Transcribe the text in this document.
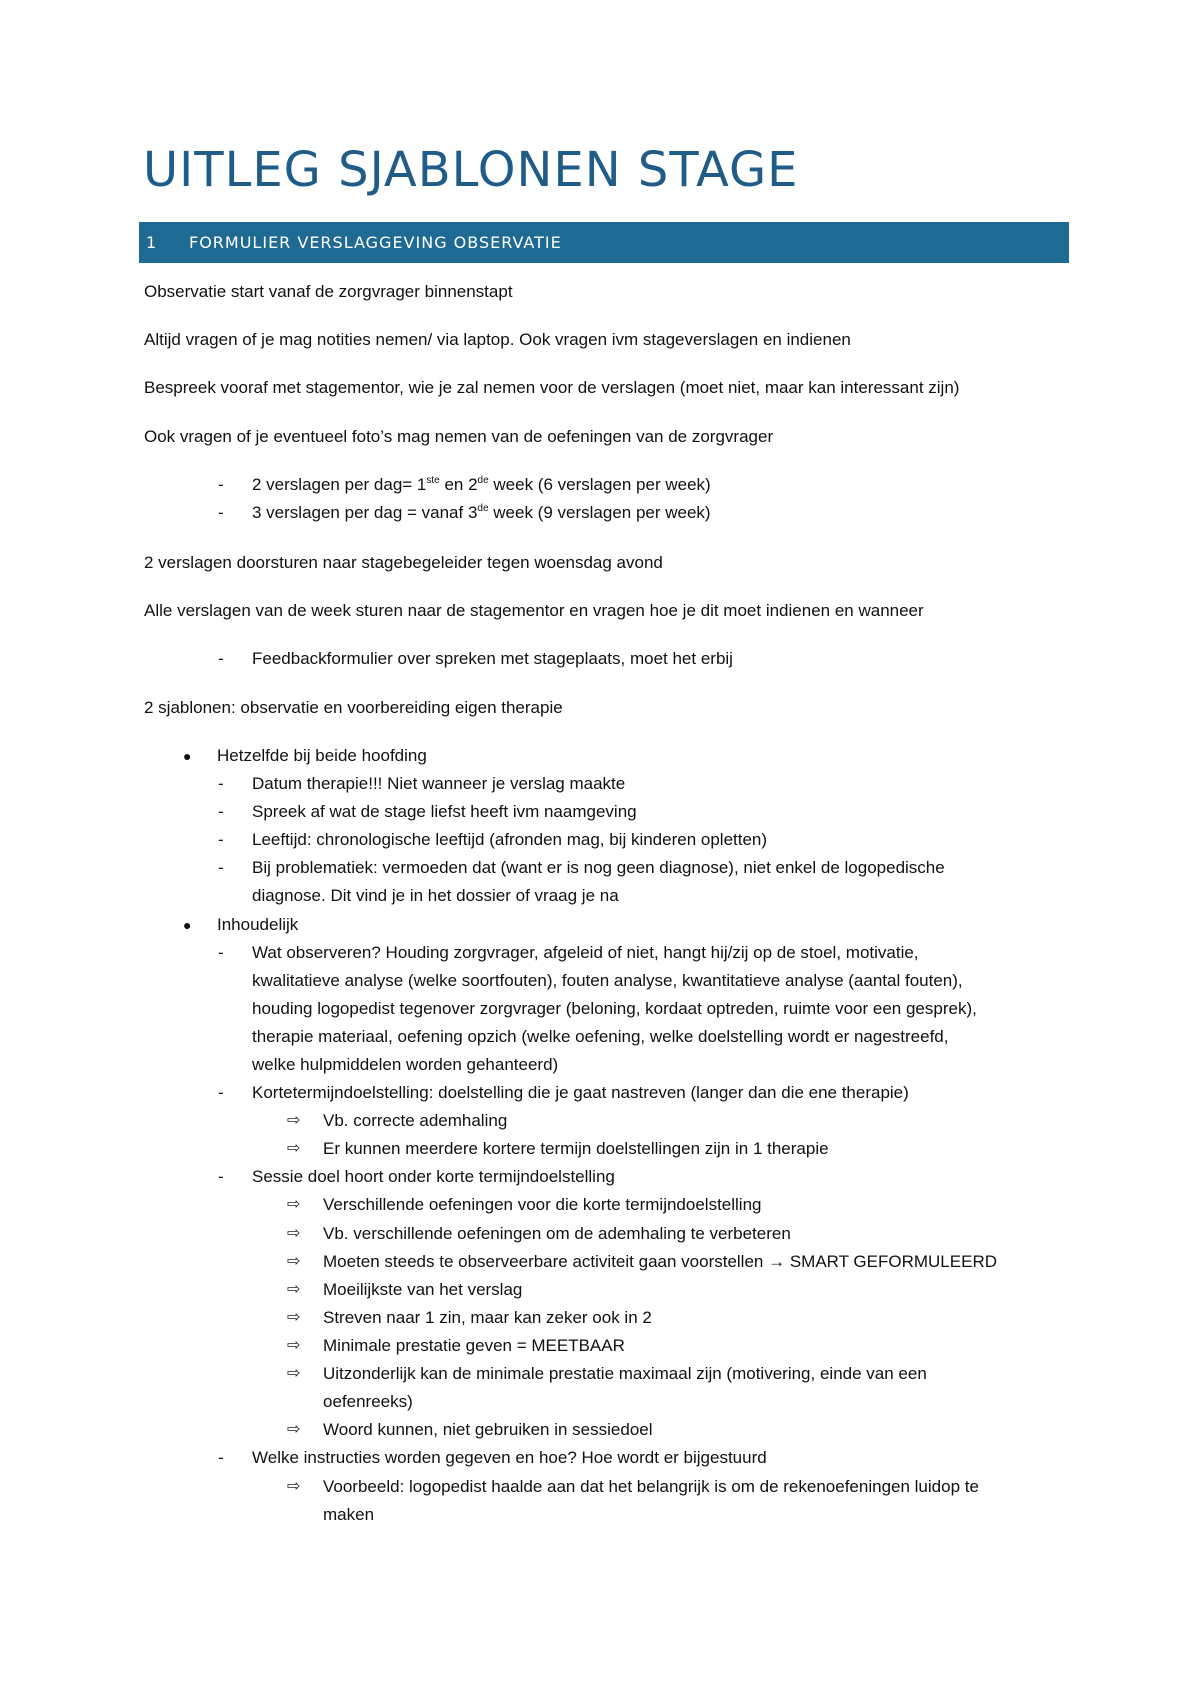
UITLEG SJABLONEN STAGE
1	FORMULIER VERSLAGGEVING OBSERVATIE
Observatie start vanaf de zorgvrager binnenstapt
Altijd vragen of je mag notities nemen/ via laptop. Ook vragen ivm stageverslagen en indienen
Bespreek vooraf met stagementor, wie je zal nemen voor de verslagen (moet niet, maar kan interessant zijn)
Ook vragen of je eventueel foto’s mag nemen van de oefeningen van de zorgvrager
- 2 verslagen per dag= 1ste en 2de week (6 verslagen per week)
- 3 verslagen per dag = vanaf 3de week (9 verslagen per week)
2 verslagen doorsturen naar stagebegeleider tegen woensdag avond
Alle verslagen van de week sturen naar de stagementor en vragen hoe je dit moet indienen en wanneer
- Feedbackformulier over spreken met stageplaats, moet het erbij
2 sjablonen: observatie en voorbereiding eigen therapie
● Hetzelfde bij beide hoofding
- Datum therapie!!! Niet wanneer je verslag maakte
- Spreek af wat de stage liefst heeft ivm naamgeving
- Leeftijd: chronologische leeftijd (afronden mag, bij kinderen opletten)
- Bij problematiek: vermoeden dat (want er is nog geen diagnose), niet enkel de logopedische
diagnose. Dit vind je in het dossier of vraag je na
● Inhoudelijk
- Wat observeren? Houding zorgvrager, afgeleid of niet, hangt hij/zij op de stoel, motivatie,
kwalitatieve analyse (welke soortfouten), fouten analyse, kwantitatieve analyse (aantal fouten),
houding logopedist tegenover zorgvrager (beloning, kordaat optreden, ruimte voor een gesprek),
therapie materiaal, oefening opzich (welke oefening, welke doelstelling wordt er nagestreefd,
welke hulpmiddelen worden gehanteerd)
- Kortetermijndoelstelling: doelstelling die je gaat nastreven (langer dan die ene therapie)
⇨ Vb. correcte ademhaling
⇨ Er kunnen meerdere kortere termijn doelstellingen zijn in 1 therapie
- Sessie doel hoort onder korte termijndoelstelling
⇨ Verschillende oefeningen voor die korte termijndoelstelling
⇨ Vb. verschillende oefeningen om de ademhaling te verbeteren
⇨ Moeten steeds te observeerbare activiteit gaan voorstellen → SMART GEFORMULEERD
⇨ Moeilijkste van het verslag
⇨ Streven naar 1 zin, maar kan zeker ook in 2
⇨ Minimale prestatie geven = MEETBAAR
⇨ Uitzonderlijk kan de minimale prestatie maximaal zijn (motivering, einde van een
oefenreeks)
⇨ Woord kunnen, niet gebruiken in sessiedoel
- Welke instructies worden gegeven en hoe? Hoe wordt er bijgestuurd
⇨ Voorbeeld: logopedist haalde aan dat het belangrijk is om de rekenoefeningen luidop te
maken
